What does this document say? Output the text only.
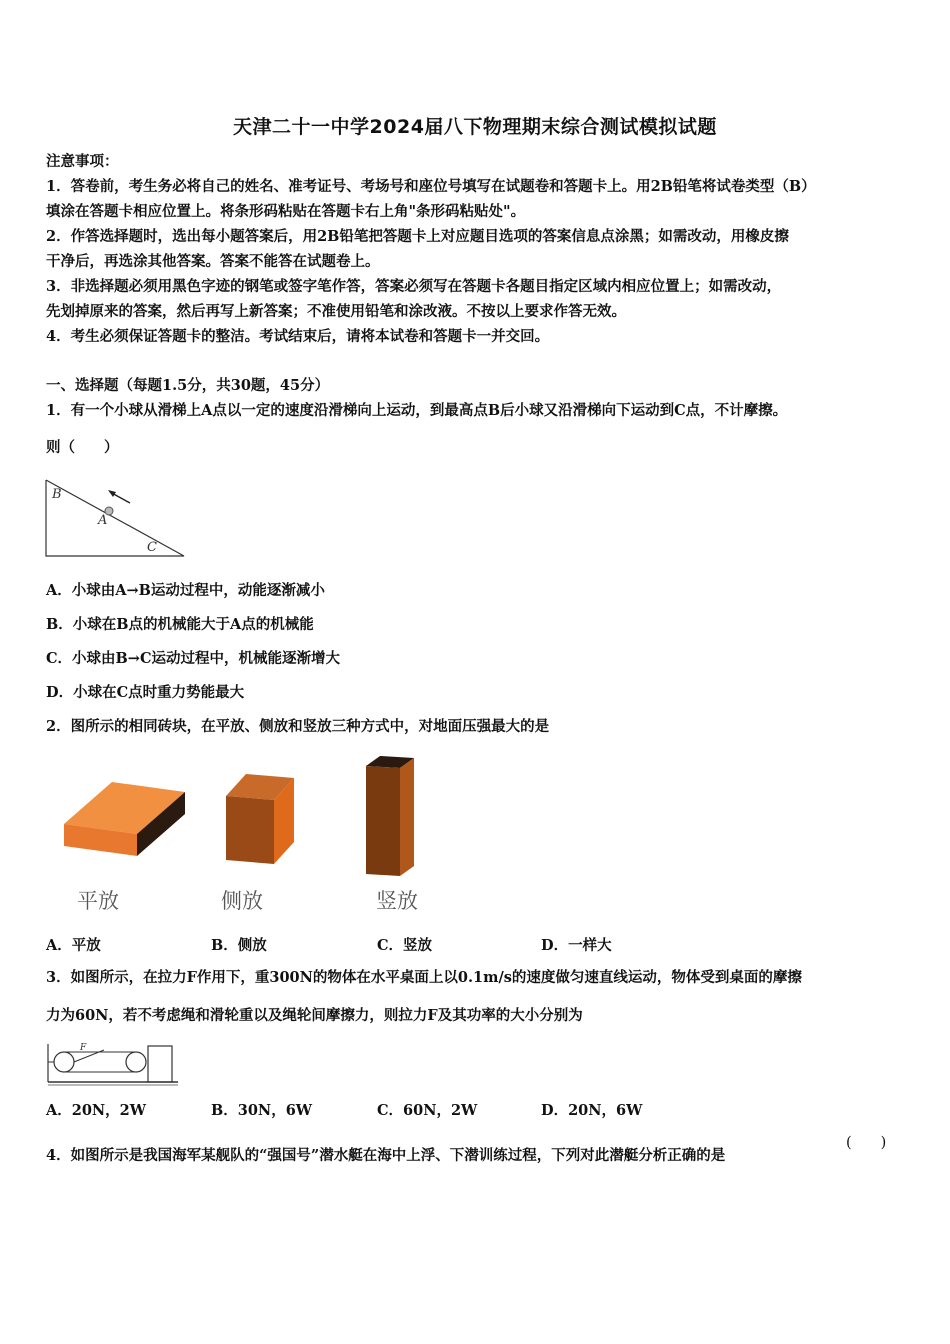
天津二十一中学2024届八下物理期末综合测试模拟试题
注意事项：
1．答卷前，考生务必将自己的姓名、准考证号、考场号和座位号填写在试题卷和答题卡上。用2B铅笔将试卷类型（B）
填涂在答题卡相应位置上。将条形码粘贴在答题卡右上角"条形码粘贴处"。
2．作答选择题时，选出每小题答案后，用2B铅笔把答题卡上对应题目选项的答案信息点涂黑；如需改动，用橡皮擦
干净后，再选涂其他答案。答案不能答在试题卷上。
3．非选择题必须用黑色字迹的钢笔或签字笔作答，答案必须写在答题卡各题目指定区域内相应位置上；如需改动，
先划掉原来的答案，然后再写上新答案；不准使用铅笔和涂改液。不按以上要求作答无效。
4．考生必须保证答题卡的整洁。考试结束后，请将本试卷和答题卡一并交回。
一、选择题（每题1.5分，共30题，45分）
1．有一个小球从滑梯上A点以一定的速度沿滑梯向上运动，到最高点B后小球又沿滑梯向下运动到C点，不计摩擦。
则（　　）
B
A
C
A．小球由A→B运动过程中，动能逐渐减小
B．小球在B点的机械能大于A点的机械能
C．小球由B→C运动过程中，机械能逐渐增大
D．小球在C点时重力势能最大
2．图所示的相同砖块，在平放、侧放和竖放三种方式中，对地面压强最大的是
平放	侧放	竖放
A．平放	B．侧放	C．竖放	D．一样大
3．如图所示，在拉力F作用下，重300N的物体在水平桌面上以0.1m/s的速度做匀速直线运动，物体受到桌面的摩擦
力为60N，若不考虑绳和滑轮重以及绳轮间摩擦力，则拉力F及其功率的大小分别为
F
A．20N，2W	B．30N，6W	C．60N，2W	D．20N，6W
4．如图所示是我国海军某舰队的“强国号”潜水艇在海中上浮、下潜训练过程，下列对此潜艇分析正确的是
(　　)
